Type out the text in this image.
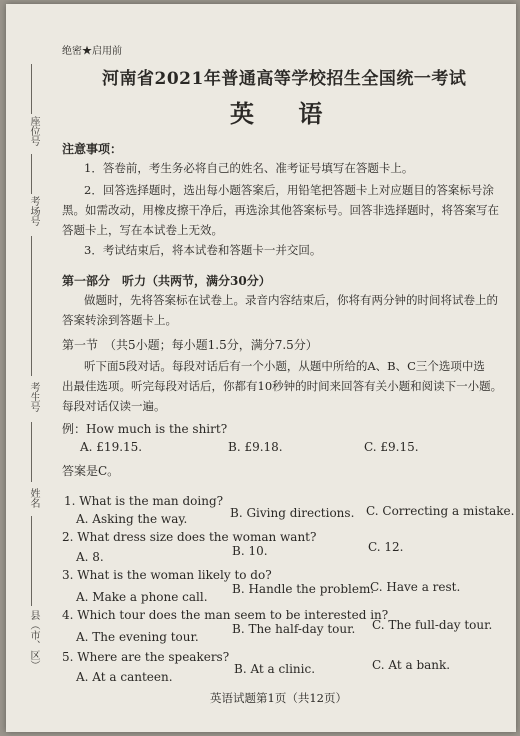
座位号
考场号
考生号
姓名
县（市、区）
绝密★启用前
河南省2021年普通高等学校招生全国统一考试
英 语
注意事项：
1．答卷前，考生务必将自己的姓名、准考证号填写在答题卡上。
2．回答选择题时，选出每小题答案后，用铅笔把答题卡上对应题目的答案标号涂
黑。如需改动，用橡皮擦干净后，再选涂其他答案标号。回答非选择题时，将答案写在
答题卡上，写在本试卷上无效。
3．考试结束后，将本试卷和答题卡一并交回。
第一部分　听力（共两节，满分30分）
做题时，先将答案标在试卷上。录音内容结束后，你将有两分钟的时间将试卷上的
答案转涂到答题卡上。
第一节　（共5小题；每小题1.5分，满分7.5分）
听下面5段对话。每段对话后有一个小题，从题中所给的A、B、C三个选项中选
出最佳选项。听完每段对话后，你都有10秒钟的时间来回答有关小题和阅读下一小题。
每段对话仅读一遍。
例：How much is the shirt?
A. £19.15.	B. £9.18.	C. £9.15.
答案是C。
1. What is the man doing?
A. Asking the way.	B. Giving directions. C. Correcting a mistake.
2. What dress size does the woman want?
A. 8.	B. 10.	C. 12.
3. What is the woman likely to do?
A. Make a phone call.
B. Handle the problem.
C. Have a rest.
4. Which tour does the man seem to be interested in?
A. The evening tour.
B. The half-day tour. C. The full-day tour.
5. Where are the speakers?
A. At a canteen.
B. At a clinic.	C. At a bank.
英语试题第1页（共12页）
